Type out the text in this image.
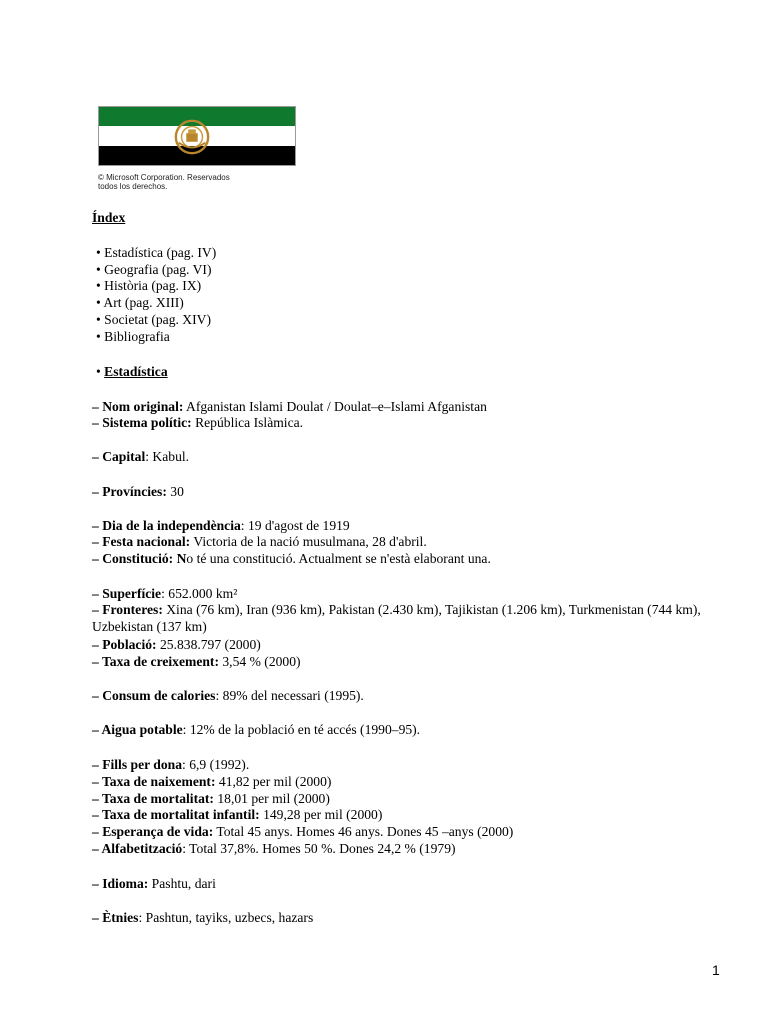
© Microsoft Corporation. Reservados
todos los derechos.
Índex
• Estadística (pag. IV)
• Geografia (pag. VI)
• Història (pag. IX)
• Art (pag. XIII)
• Societat (pag. XIV)
• Bibliografia
• Estadística
– Nom original: Afganistan Islami Doulat / Doulat–e–Islami Afganistan
– Sistema polític: República Islàmica.
– Capital: Kabul.
– Províncies: 30
– Dia de la independència: 19 d'agost de 1919
– Festa nacional: Victoria de la nació musulmana, 28 d'abril.
– Constitució: No té una constitució. Actualment se n'està elaborant una.
– Superfície: 652.000 km²
– Fronteres: Xina (76 km), Iran (936 km), Pakistan (2.430 km), Tajikistan (1.206 km), Turkmenistan (744 km), Uzbekistan (137 km)
– Població: 25.838.797 (2000)
– Taxa de creixement: 3,54 % (2000)
– Consum de calories: 89% del necessari (1995).
– Aigua potable: 12% de la població en té accés (1990–95).
– Fills per dona: 6,9 (1992).
– Taxa de naixement: 41,82 per mil (2000)
– Taxa de mortalitat: 18,01 per mil (2000)
– Taxa de mortalitat infantil: 149,28 per mil (2000)
– Esperança de vida: Total 45 anys. Homes 46 anys. Dones 45 –anys (2000)
– Alfabetització: Total 37,8%. Homes 50 %. Dones 24,2 % (1979)
– Idioma: Pashtu, dari
– Ètnies: Pashtun, tayiks, uzbecs, hazars
1
